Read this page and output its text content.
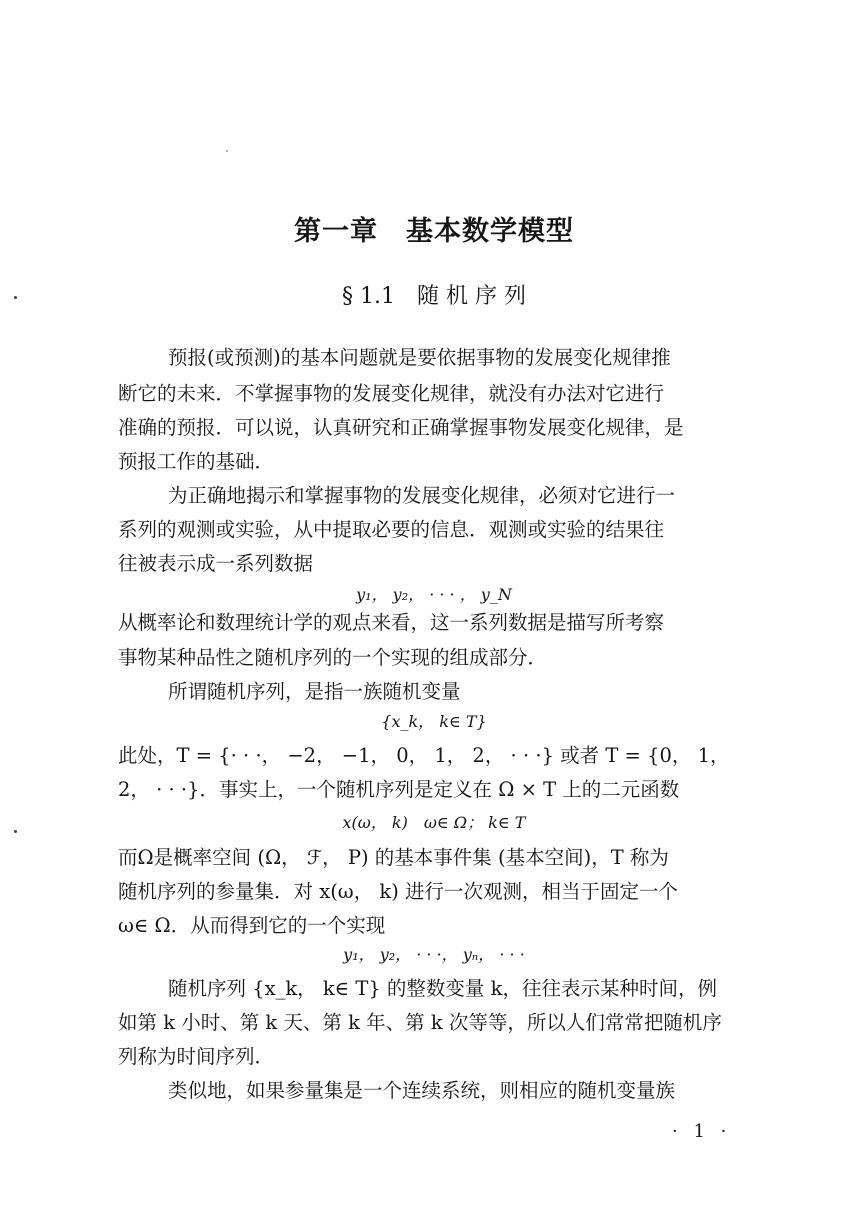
第一章　基本数学模型
§ 1.1　随 机 序 列
预报(或预测)的基本问题就是要依据事物的发展变化规律推
断它的未来．不掌握事物的发展变化规律，就没有办法对它进行
准确的预报．可以说，认真研究和正确掌握事物发展变化规律，是
预报工作的基础．
为正确地揭示和掌握事物的发展变化规律，必须对它进行一
系列的观测或实验，从中提取必要的信息．观测或实验的结果往
往被表示成一系列数据
y₁， y₂， · · · ， y_N
从概率论和数理统计学的观点来看，这一系列数据是描写所考察
事物某种品性之随机序列的一个实现的组成部分．
所谓随机序列，是指一族随机变量
{x_k， k∈ T}
此处，T = {· · ·， −2， −1， 0， 1， 2， · · ·} 或者 T = {0， 1，
2， · · ·}．事实上，一个随机序列是定义在 Ω × T 上的二元函数
x(ω， k)　ω∈ Ω； k∈ T
而Ω是概率空间 (Ω， ℱ， P) 的基本事件集 (基本空间)，T 称为
随机序列的参量集．对 x(ω， k) 进行一次观测，相当于固定一个
ω∈ Ω．从而得到它的一个实现
y₁， y₂， · · ·， yₙ， · · ·
随机序列 {x_k， k∈ T} 的整数变量 k，往往表示某种时间，例
如第 k 小时、第 k 天、第 k 年、第 k 次等等，所以人们常常把随机序
列称为时间序列．
类似地，如果参量集是一个连续系统，则相应的随机变量族
· 1 ·
